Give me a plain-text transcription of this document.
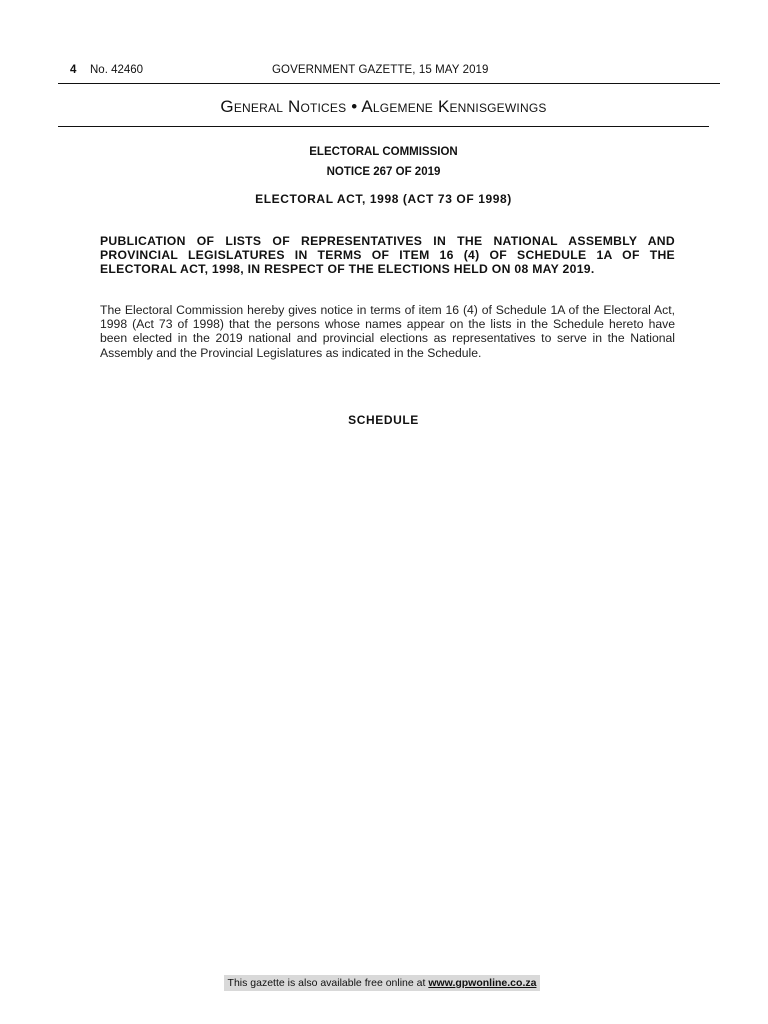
4 No. 42460	GOVERNMENT GAZETTE, 15 MAY 2019
General Notices • Algemene Kennisgewings
ELECTORAL COMMISSION
NOTICE 267 OF 2019
ELECTORAL ACT, 1998 (ACT 73 OF 1998)
PUBLICATION OF LISTS OF REPRESENTATIVES IN THE NATIONAL ASSEMBLY AND PROVINCIAL LEGISLATURES IN TERMS OF ITEM 16 (4) OF SCHEDULE 1A OF THE ELECTORAL ACT, 1998, IN RESPECT OF THE ELECTIONS HELD ON 08 MAY 2019.
The Electoral Commission hereby gives notice in terms of item 16 (4) of Schedule 1A of the Electoral Act, 1998 (Act 73 of 1998) that the persons whose names appear on the lists in the Schedule hereto have been elected in the 2019 national and provincial elections as representatives to serve in the National Assembly and the Provincial Legislatures as indicated in the Schedule.
SCHEDULE
This gazette is also available free online at www.gpwonline.co.za
